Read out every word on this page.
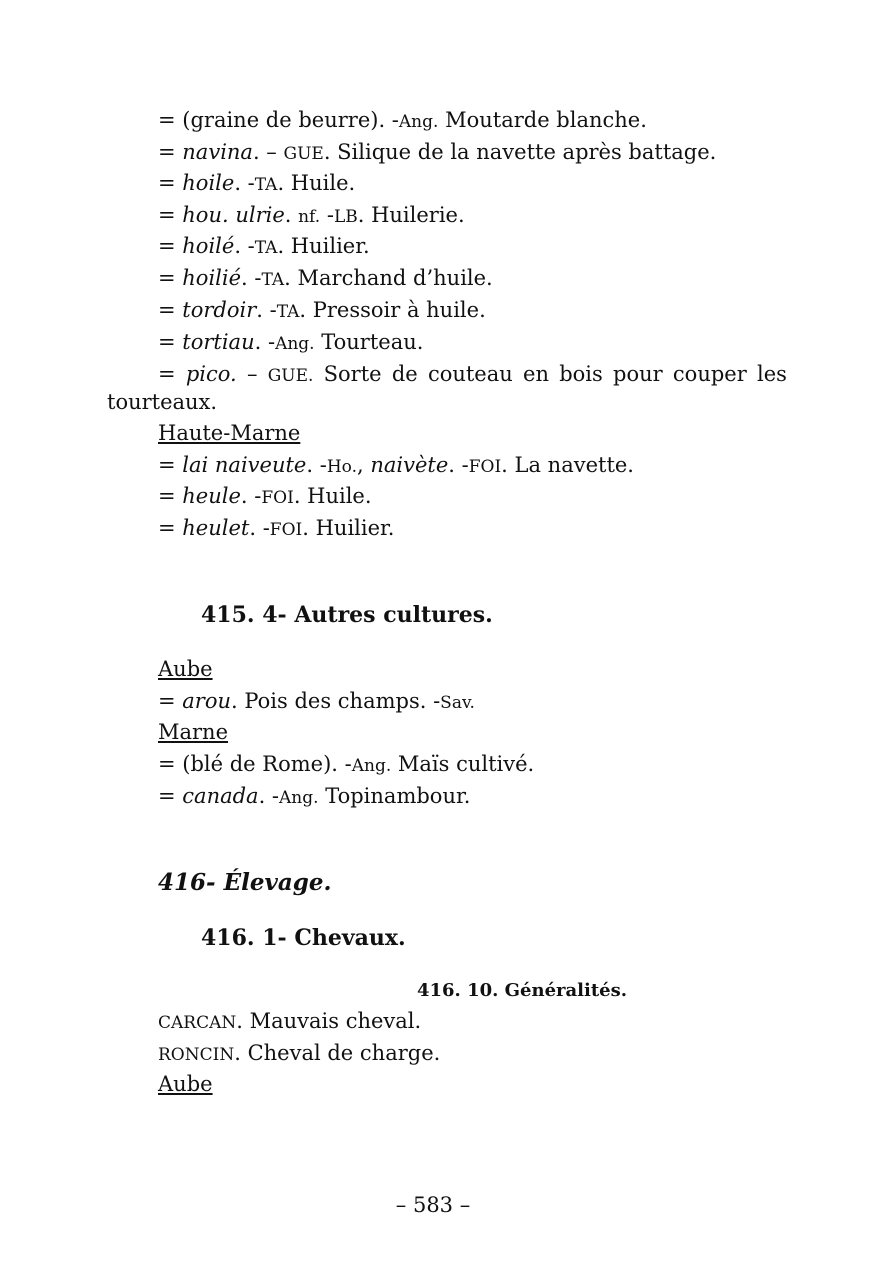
= (graine de beurre). -Ang. Moutarde blanche.
= navina. – GUE. Silique de la navette après battage.
= hoile. -TA. Huile.
= hou. ulrie. nf. -LB. Huilerie.
= hoilé. -TA. Huilier.
= hoilié. -TA. Marchand d’huile.
= tordoir. -TA. Pressoir à huile.
= tortiau. -Ang. Tourteau.
= pico. – GUE. Sorte de couteau en bois pour couper les
tourteaux.
Haute-Marne
= lai naiveute. -Ho., naivète. -FOI. La navette.
= heule. -FOI. Huile.
= heulet. -FOI. Huilier.
415. 4- Autres cultures.
Aube
= arou. Pois des champs. -Sav.
Marne
= (blé de Rome). -Ang. Maïs cultivé.
= canada. -Ang. Topinambour.
416- Élevage.
416. 1- Chevaux.
416. 10. Généralités.
CARCAN. Mauvais cheval.
RONCIN. Cheval de charge.
Aube
– 583 –
